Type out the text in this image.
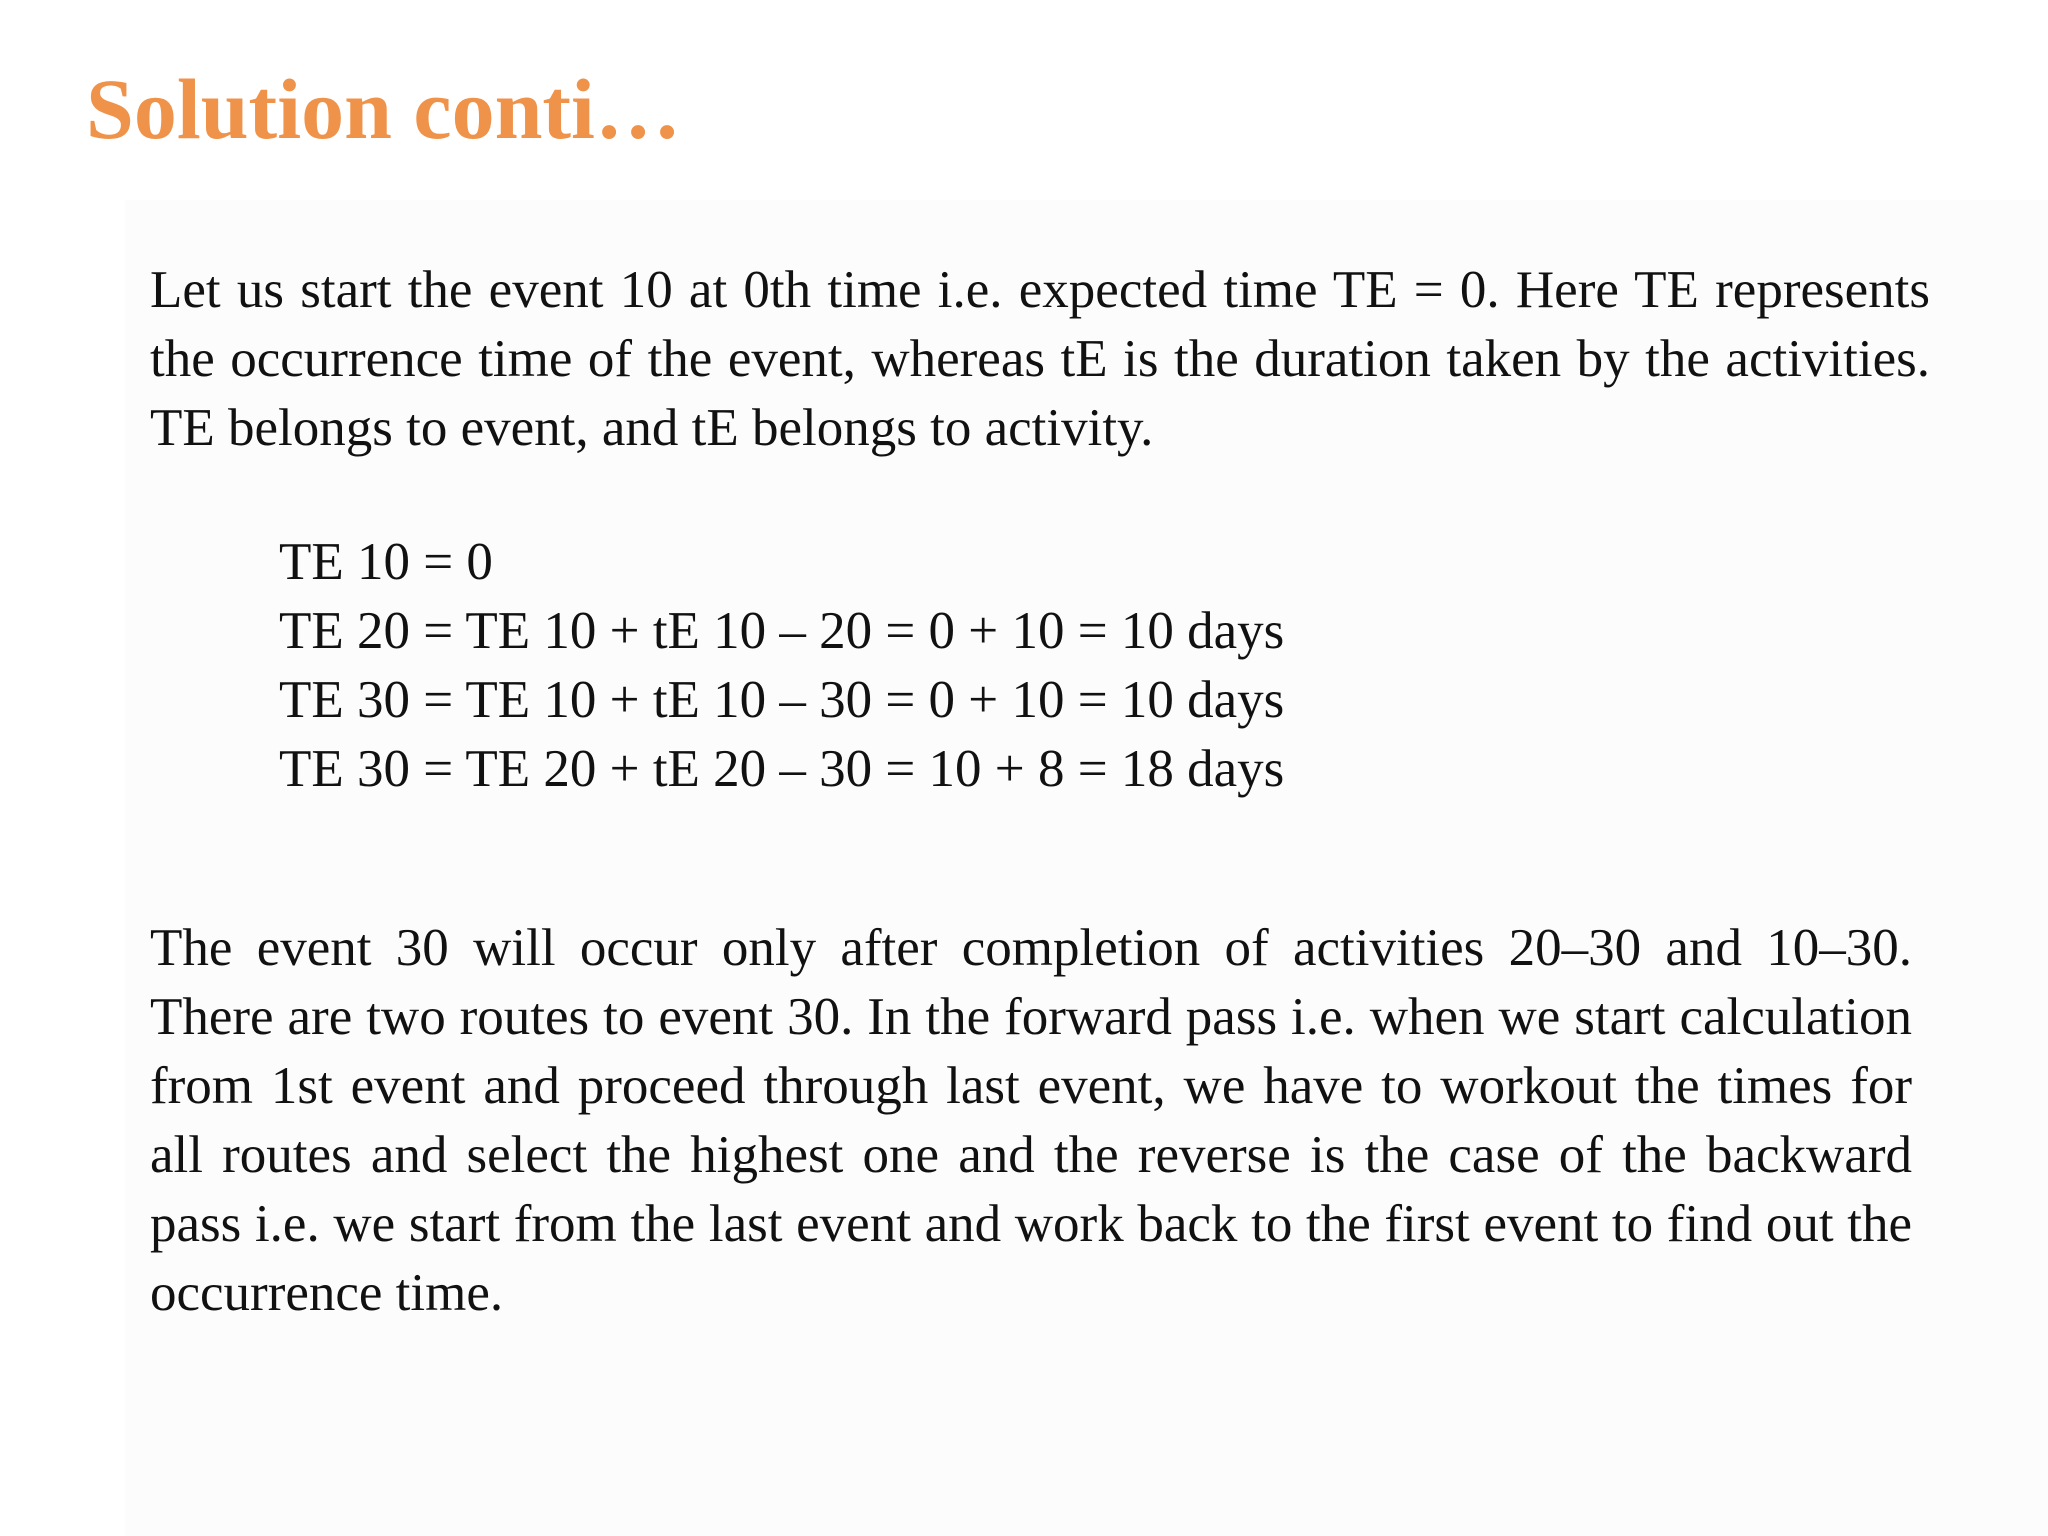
Solution conti…

Let us start the event 10 at 0th time i.e. expected time TE = 0. Here TE represents the occurrence time of the event, whereas tE is the duration taken by the activities. TE belongs to event, and tE belongs to activity.

TE 10 = 0
TE 20 = TE 10 + tE 10 – 20 = 0 + 10 = 10 days
TE 30 = TE 10 + tE 10 – 30 = 0 + 10 = 10 days
TE 30 = TE 20 + tE 20 – 30 = 10 + 8 = 18 days

The event 30 will occur only after completion of activities 20–30 and 10–30. There are two routes to event 30. In the forward pass i.e. when we start calculation from 1st event and proceed through last event, we have to workout the times for all routes and select the highest one and the reverse is the case of the backward pass i.e. we start from the last event and work back to the first event to find out the occurrence time.
